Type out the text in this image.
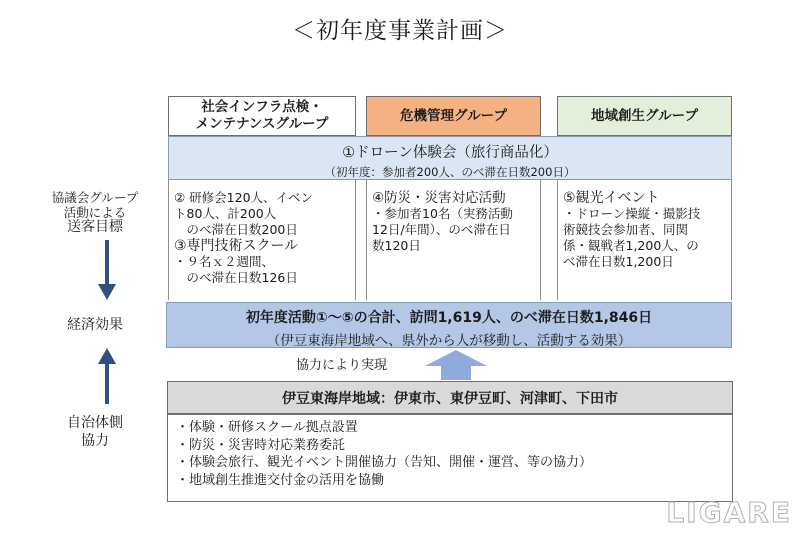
＜初年度事業計画＞
社会インフラ点検・
メンテナンスグループ
危機管理グループ	地域創生グループ
①ドローン体験会（旅行商品化）
（初年度：参加者200人、のべ滞在日数200日）
② 研修会120人、イベン
ト80人、計200人
　のべ滞在日数200日
③専門技術スクール
・９名ｘ２週間、
　のべ滞在日数126日
④防災・災害対応活動
・参加者10名（実務活動
12日/年間）、のべ滞在日
数120日
⑤観光イベント
・ドローン操縦・撮影技
術競技会参加者、同関
係・観戦者1,200人、の
べ滞在日数1,200日
協議会グループ
活動による
送客目標
経済効果
自治体側
協力
初年度活動①～⑤の合計、訪問1,619人、のべ滞在日数1,846日
（伊豆東海岸地域へ、県外から人が移動し、活動する効果）
協力により実現
伊豆東海岸地域：伊東市、東伊豆町、河津町、下田市
・体験・研修スクール拠点設置
・防災・災害時対応業務委託
・体験会旅行、観光イベント開催協力（告知、開催・運営、等の協力）
・地域創生推進交付金の活用を協働
LIGARE
